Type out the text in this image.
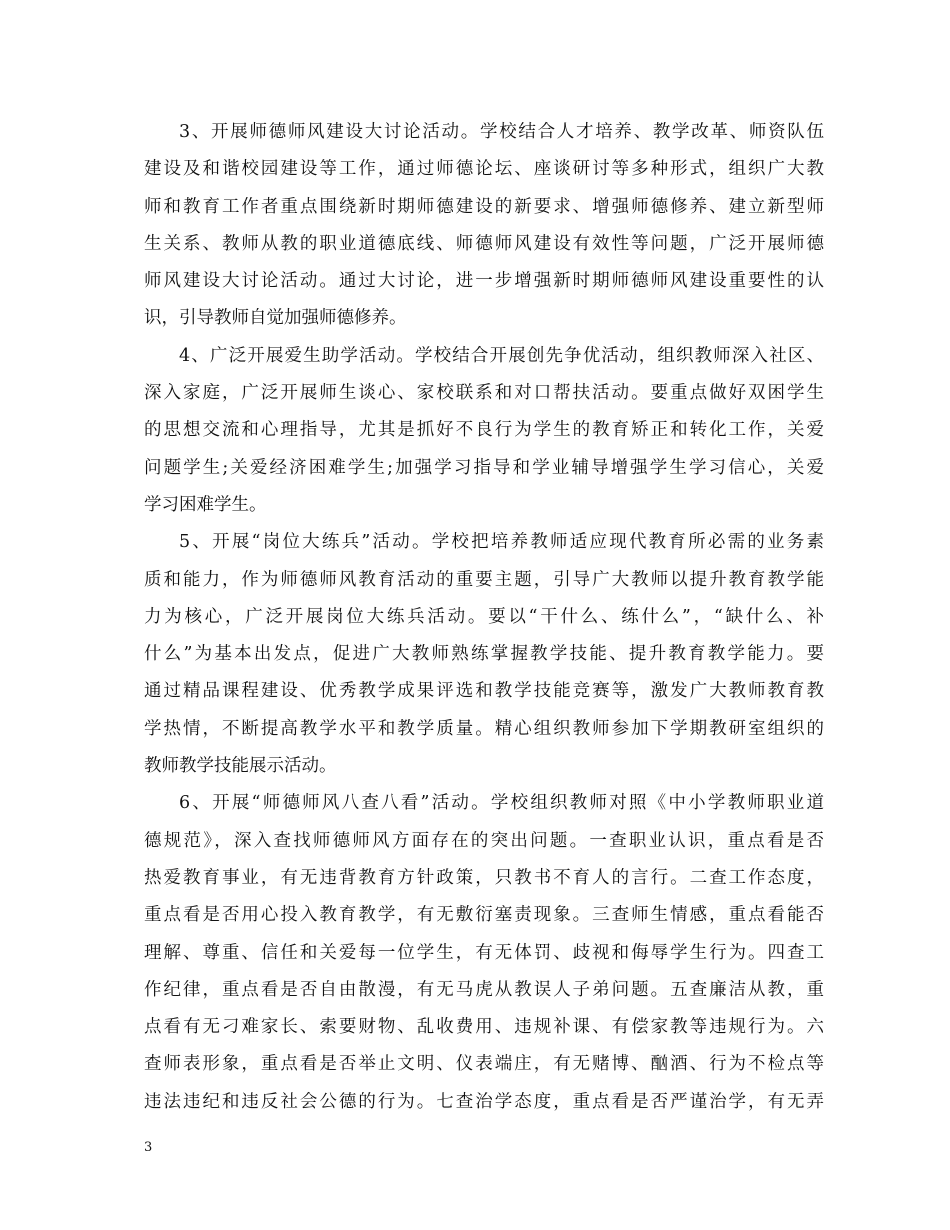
3、开展师德师风建设大讨论活动。学校结合人才培养、教学改革、师资队伍
建设及和谐校园建设等工作，通过师德论坛、座谈研讨等多种形式，组织广大教
师和教育工作者重点围绕新时期师德建设的新要求、增强师德修养、建立新型师
生关系、教师从教的职业道德底线、师德师风建设有效性等问题，广泛开展师德
师风建设大讨论活动。通过大讨论，进一步增强新时期师德师风建设重要性的认
识，引导教师自觉加强师德修养。
4、广泛开展爱生助学活动。学校结合开展创先争优活动，组织教师深入社区、
深入家庭，广泛开展师生谈心、家校联系和对口帮扶活动。要重点做好双困学生
的思想交流和心理指导，尤其是抓好不良行为学生的教育矫正和转化工作，关爱
问题学生;关爱经济困难学生;加强学习指导和学业辅导增强学生学习信心，关爱
学习困难学生。
5、开展“岗位大练兵”活动。学校把培养教师适应现代教育所必需的业务素
质和能力，作为师德师风教育活动的重要主题，引导广大教师以提升教育教学能
力为核心，广泛开展岗位大练兵活动。要以“干什么、练什么”，“缺什么、补
什么”为基本出发点，促进广大教师熟练掌握教学技能、提升教育教学能力。要
通过精品课程建设、优秀教学成果评选和教学技能竞赛等，激发广大教师教育教
学热情，不断提高教学水平和教学质量。精心组织教师参加下学期教研室组织的
教师教学技能展示活动。
6、开展“师德师风八查八看”活动。学校组织教师对照《中小学教师职业道
德规范》，深入查找师德师风方面存在的突出问题。一查职业认识，重点看是否
热爱教育事业，有无违背教育方针政策，只教书不育人的言行。二查工作态度，
重点看是否用心投入教育教学，有无敷衍塞责现象。三查师生情感，重点看能否
理解、尊重、信任和关爱每一位学生，有无体罚、歧视和侮辱学生行为。四查工
作纪律，重点看是否自由散漫，有无马虎从教误人子弟问题。五查廉洁从教，重
点看有无刁难家长、索要财物、乱收费用、违规补课、有偿家教等违规行为。六
查师表形象，重点看是否举止文明、仪表端庄，有无赌博、酗酒、行为不检点等
违法违纪和违反社会公德的行为。七查治学态度，重点看是否严谨治学，有无弄
3
